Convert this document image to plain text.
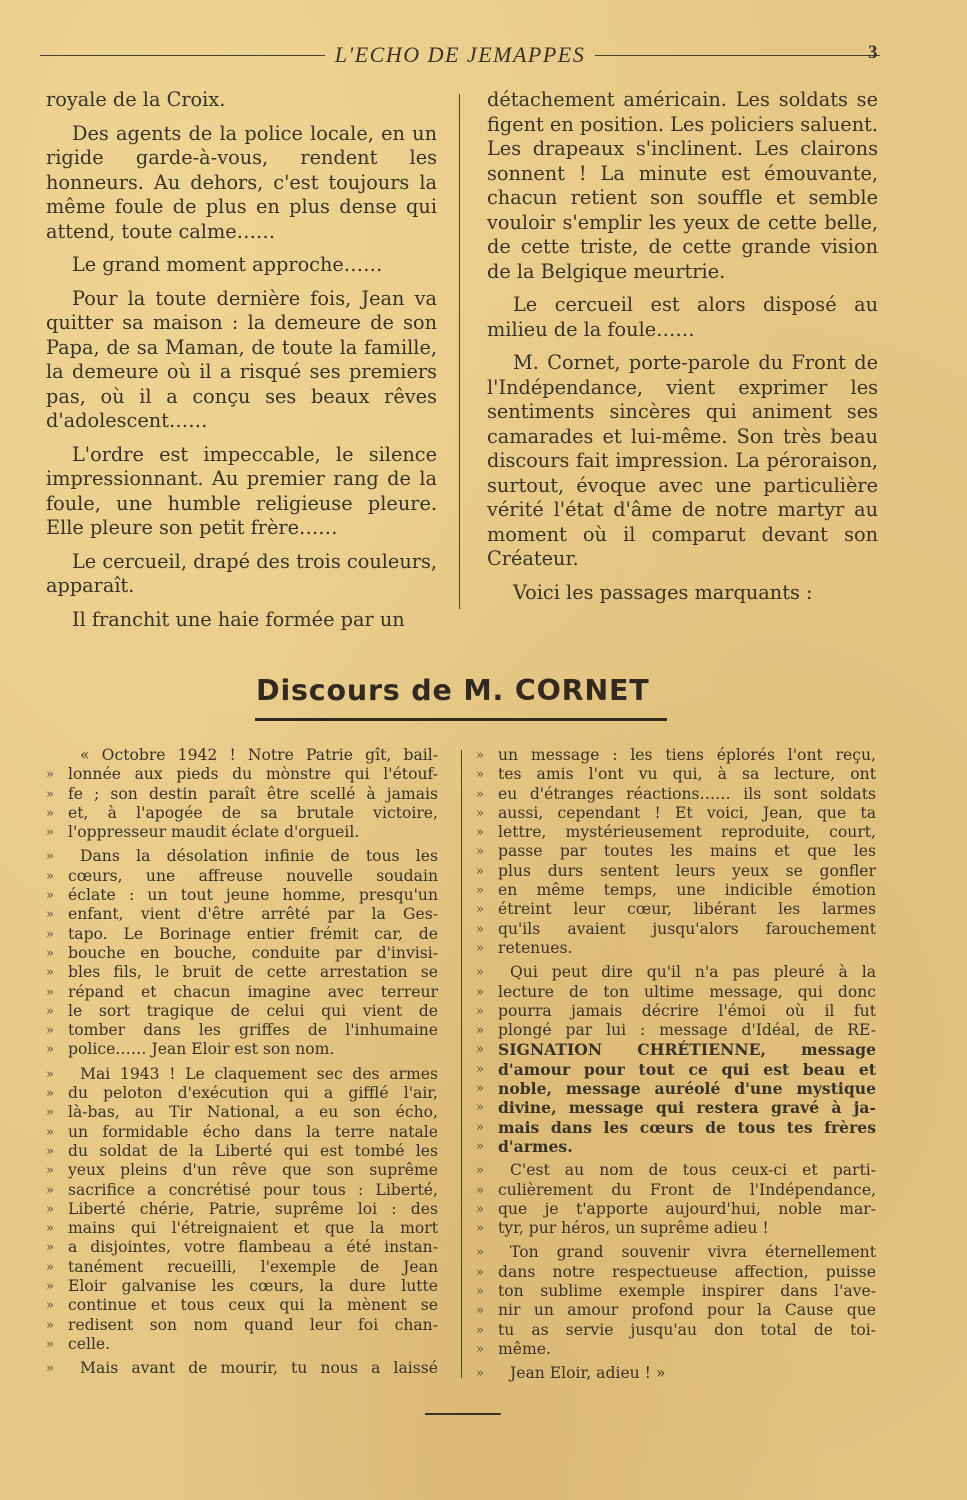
L'ECHO DE JEMAPPES	3

royale de la Croix.

Des agents de la police locale, en un rigide garde-à-vous, rendent les honneurs. Au dehors, c'est toujours la même foule de plus en plus dense qui attend, toute calme……

Le grand moment approche……

Pour la toute dernière fois, Jean va quitter sa maison : la demeure de son Papa, de sa Maman, de toute la famille, la demeure où il a risqué ses premiers pas, où il a conçu ses beaux rêves d'adolescent……

L'ordre est impeccable, le silence impressionnant. Au premier rang de la foule, une humble religieuse pleure. Elle pleure son petit frère……

Le cercueil, drapé des trois couleurs, apparaît.

Il franchit une haie formée par un

détachement américain. Les soldats se figent en position. Les policiers saluent. Les drapeaux s'inclinent. Les clairons sonnent ! La minute est émouvante, chacun retient son souffle et semble vouloir s'emplir les yeux de cette belle, de cette triste, de cette grande vision de la Belgique meurtrie.

Le cercueil est alors disposé au milieu de la foule……

M. Cornet, porte-parole du Front de l'Indépendance, vient exprimer les sentiments sincères qui animent ses camarades et lui-même. Son très beau discours fait impression. La péroraison, surtout, évoque avec une particulière vérité l'état d'âme de notre martyr au moment où il comparut devant son Créateur.

Voici les passages marquants :

Discours de M. CORNET
« Octobre 1942 ! Notre Patrie gît, bail-
» lonnée aux pieds du mònstre qui l'étouf-
» fe ; son destin paraît être scellé à jamais
» et, à l'apogée de sa brutale victoire,
» l'oppresseur maudit éclate d'orgueil.
»	Dans la désolation infinie de tous les
» cœurs, une affreuse nouvelle soudain
» éclate : un tout jeune homme, presqu'un
» enfant, vient d'être arrêté par la Ges-
» tapo. Le Borinage entier frémit car, de
» bouche en bouche, conduite par d'invisi-
» bles fils, le bruit de cette arrestation se
» répand et chacun imagine avec terreur
» le sort tragique de celui qui vient de
» tomber dans les griffes de l'inhumaine
» police…… Jean Eloir est son nom.
»	Mai 1943 ! Le claquement sec des armes
» du peloton d'exécution qui a gifflé l'air,
» là-bas, au Tir National, a eu son écho,
» un formidable écho dans la terre natale
» du soldat de la Liberté qui est tombé les
» yeux pleins d'un rêve que son suprême
» sacrifice a concrétisé pour tous : Liberté,
» Liberté chérie, Patrie, suprême loi : des
» mains qui l'étreignaient et que la mort
» a disjointes, votre flambeau a été instan-
» tanément recueilli, l'exemple de Jean
» Eloir galvanise les cœurs, la dure lutte
» continue et tous ceux qui la mènent se
» redisent son nom quand leur foi chan-
» celle.
»	Mais avant de mourir, tu nous a laissé
» un message : les tiens éplorés l'ont reçu,
» tes amis l'ont vu qui, à sa lecture, ont
» eu d'étranges réactions…… ils sont soldats
» aussi, cependant ! Et voici, Jean, que ta
» lettre, mystérieusement reproduite, court,
» passe par toutes les mains et que les
» plus durs sentent leurs yeux se gonfler
» en même temps, une indicible émotion
» étreint leur cœur, libérant les larmes
» qu'ils avaient jusqu'alors farouchement
» retenues.
»	Qui peut dire qu'il n'a pas pleuré à la
» lecture de ton ultime message, qui donc
» pourra jamais décrire l'émoi où il fut
» plongé par lui : message d'Idéal, de RE-
» SIGNATION CHRÉTIENNE, message
» d'amour pour tout ce qui est beau et
» noble, message auréolé d'une mystique
» divine, message qui restera gravé à ja-
» mais dans les cœurs de tous tes frères
» d'armes.
»	C'est au nom de tous ceux-ci et parti-
» culièrement du Front de l'Indépendance,
» que je t'apporte aujourd'hui, noble mar-
» tyr, pur héros, un suprême adieu !
»	Ton grand souvenir vivra éternellement
» dans notre respectueuse affection, puisse
» ton sublime exemple inspirer dans l'ave-
» nir un amour profond pour la Cause que
» tu as servie jusqu'au don total de toi-
» même.
»	Jean Eloir, adieu ! »
